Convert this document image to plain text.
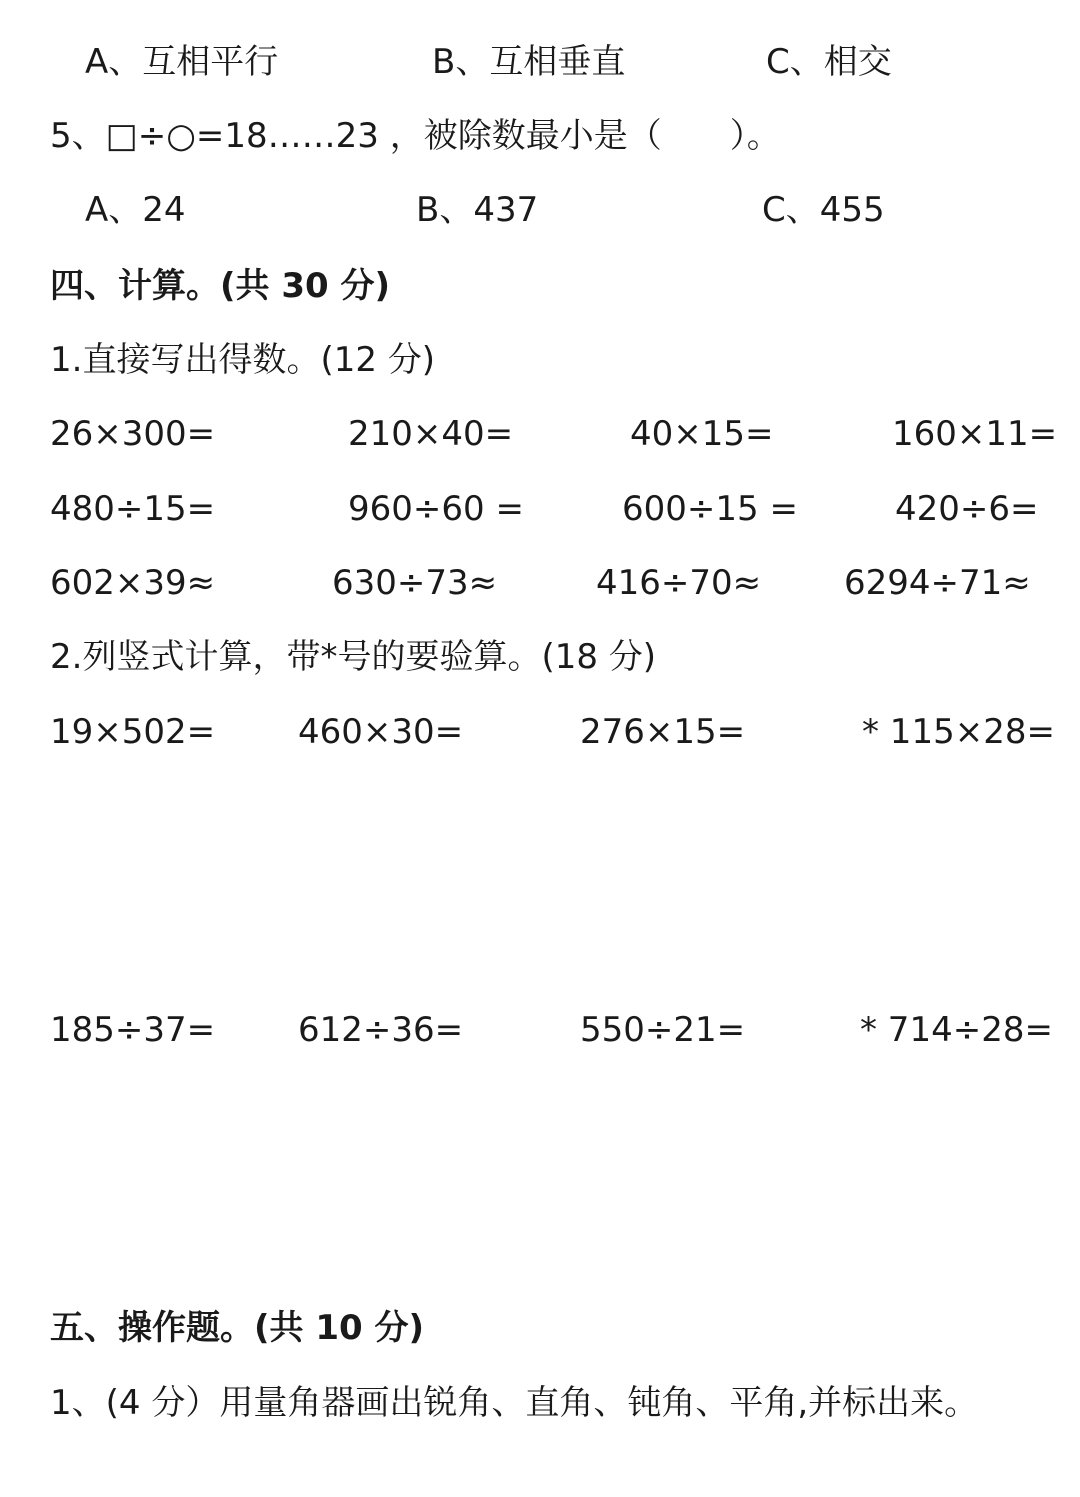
A、互相平行	B、互相垂直	C、相交
5、□÷○=18……23 ，被除数最小是（　　）。
A、24	B、437	C、455
四、计算。(共 30 分)
1.直接写出得数。(12 分)
26×300=	210×40=	40×15=	160×11=
480÷15=	960÷60 =	600÷15 =	420÷6=
602×39≈	630÷73≈	416÷70≈ 6294÷71≈
2.列竖式计算，带*号的要验算。(18 分)
19×502= 460×30=	276×15=	* 115×28=
185÷37= 612÷36=	550÷21=	* 714÷28=
五、操作题。(共 10 分)
1、(4 分）用量角器画出锐角、直角、钝角、平角,并标出来。
